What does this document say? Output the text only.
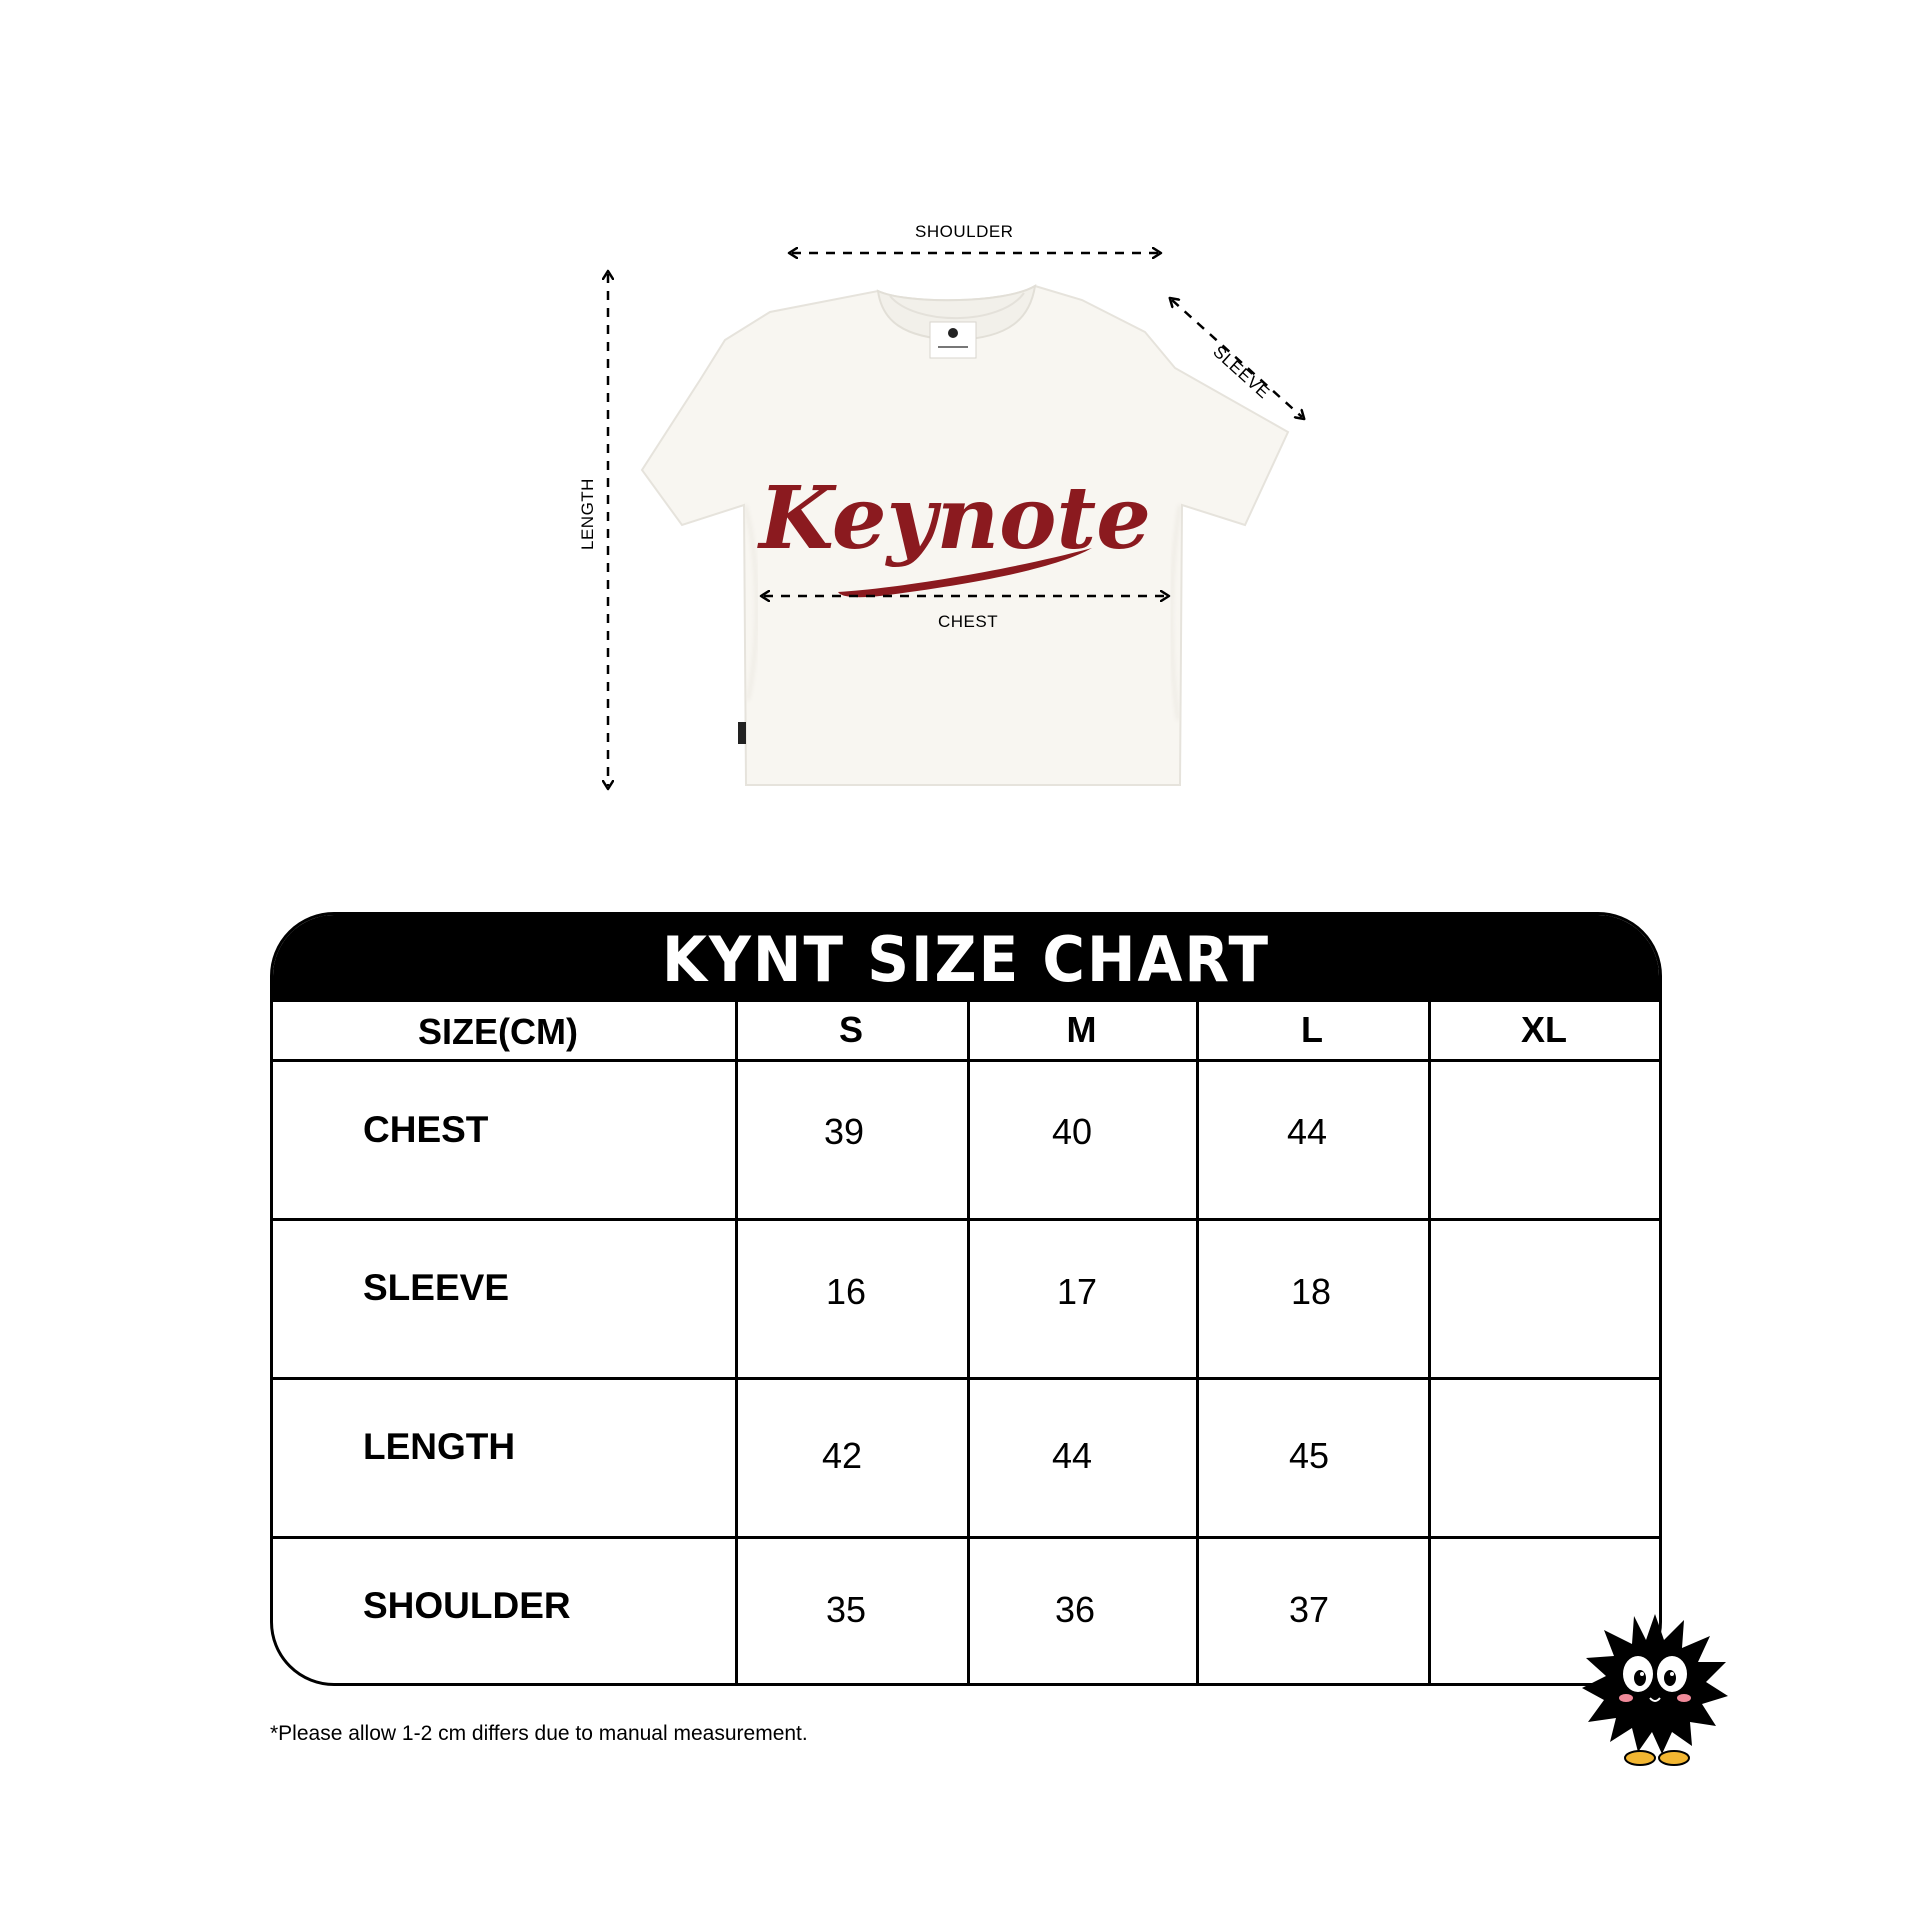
Keynote
SHOULDER
SLEEVE
LENGTH
CHEST
KYNT SIZE CHART
SIZE(CM)	S	M	L	XL
CHEST	39	40	44
SLEEVE	16	17	18
LENGTH	42	44	45
SHOULDER	35	36	37
*Please allow 1-2 cm differs due to manual measurement.
